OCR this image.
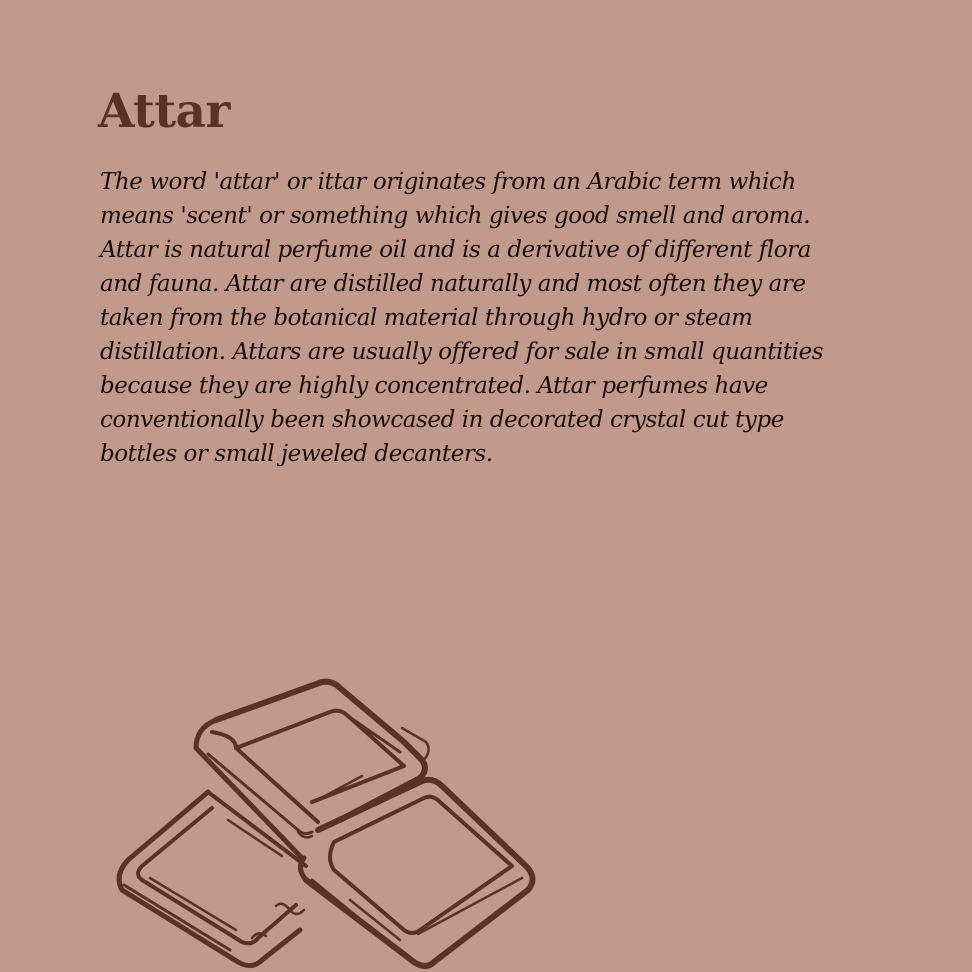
Attar

The word 'attar' or ittar originates from an Arabic term which
means 'scent' or something which gives good smell and aroma.
Attar is natural perfume oil and is a derivative of different flora
and fauna. Attar are distilled naturally and most often they are
taken from the botanical material through hydro or steam
distillation. Attars are usually offered for sale in small quantities
because they are highly concentrated. Attar perfumes have
conventionally been showcased in decorated crystal cut type
bottles or small jeweled decanters.
